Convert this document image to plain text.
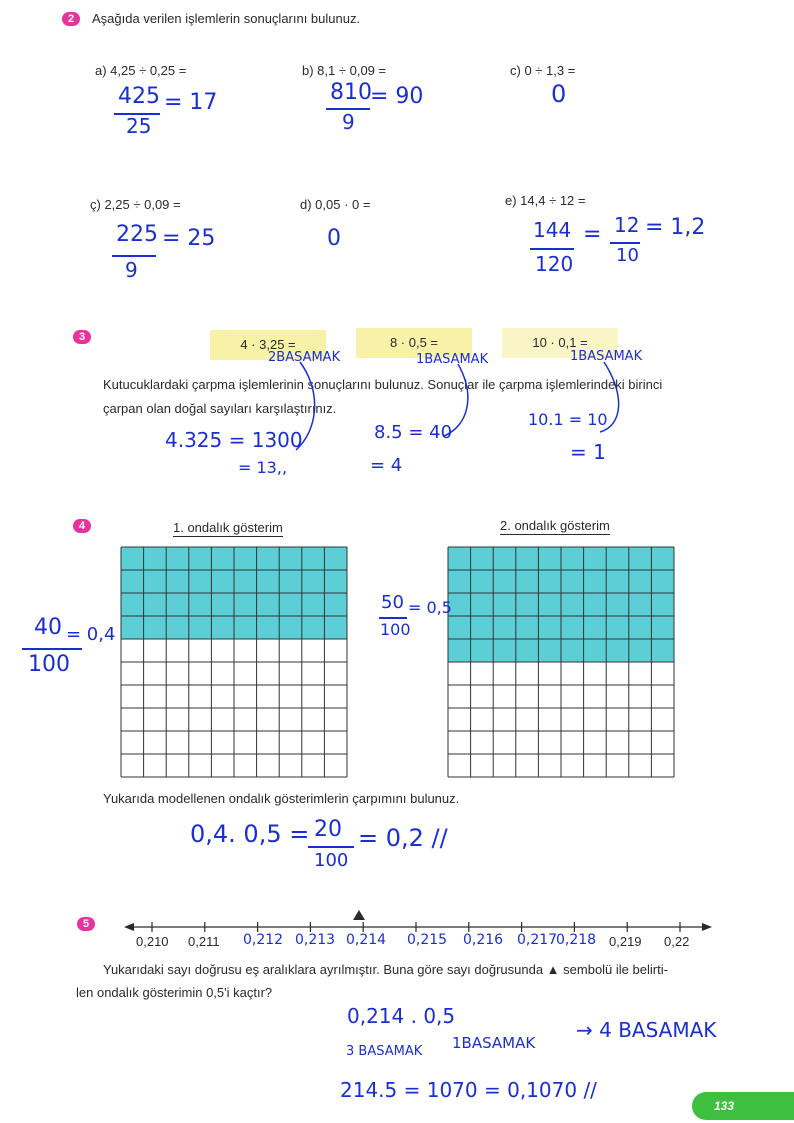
2	Aşağıda verilen işlemlerin sonuçlarını bulunuz.
a) 4,25 ÷ 0,25 =
425
25
= 17
b) 8,1 ÷ 0,09 =
810
9
= 90
c) 0 ÷ 1,3 =
0
ç) 2,25 ÷ 0,09 =
225
9
= 25
d) 0,05 · 0 =
0
e) 14,4 ÷ 12 =
144
120
= 12
10
= 1,2
3	4 · 3,25 =	8 · 0,5 =	10 · 0,1 =
2BASAMAK	1BASAMAK	1BASAMAK
Kutucuklardaki çarpma işlemlerinin sonuçlarını bulunuz. Sonuçlar ile çarpma işlemlerindeki birinci
çarpan olan doğal sayıları karşılaştırınız.
4.325 = 1300
= 13,,
8.5 = 40
= 4
10.1 = 10
= 1
4	1. ondalık gösterim	2. ondalık gösterim
40
100
= 0,4
50
100
= 0,5
Yukarıda modellenen ondalık gösterimlerin çarpımını bulunuz.
0,4. 0,5 = 20
100
= 0,2 //
5
0,210 0,211 0,212 0,213 0,214 0,215 0,216 0,217
0,218 0,219 0,22
Yukarıdaki sayı doğrusu eş aralıklara ayrılmıştır. Buna göre sayı doğrusunda ▲ sembolü ile belirti-
len ondalık gösterimin 0,5'i kaçtır?
0,214 . 0,5
3 BASAMAK 1BASAMAK
→ 4 BASAMAK
214.5 = 1070 = 0,1070 //
133
